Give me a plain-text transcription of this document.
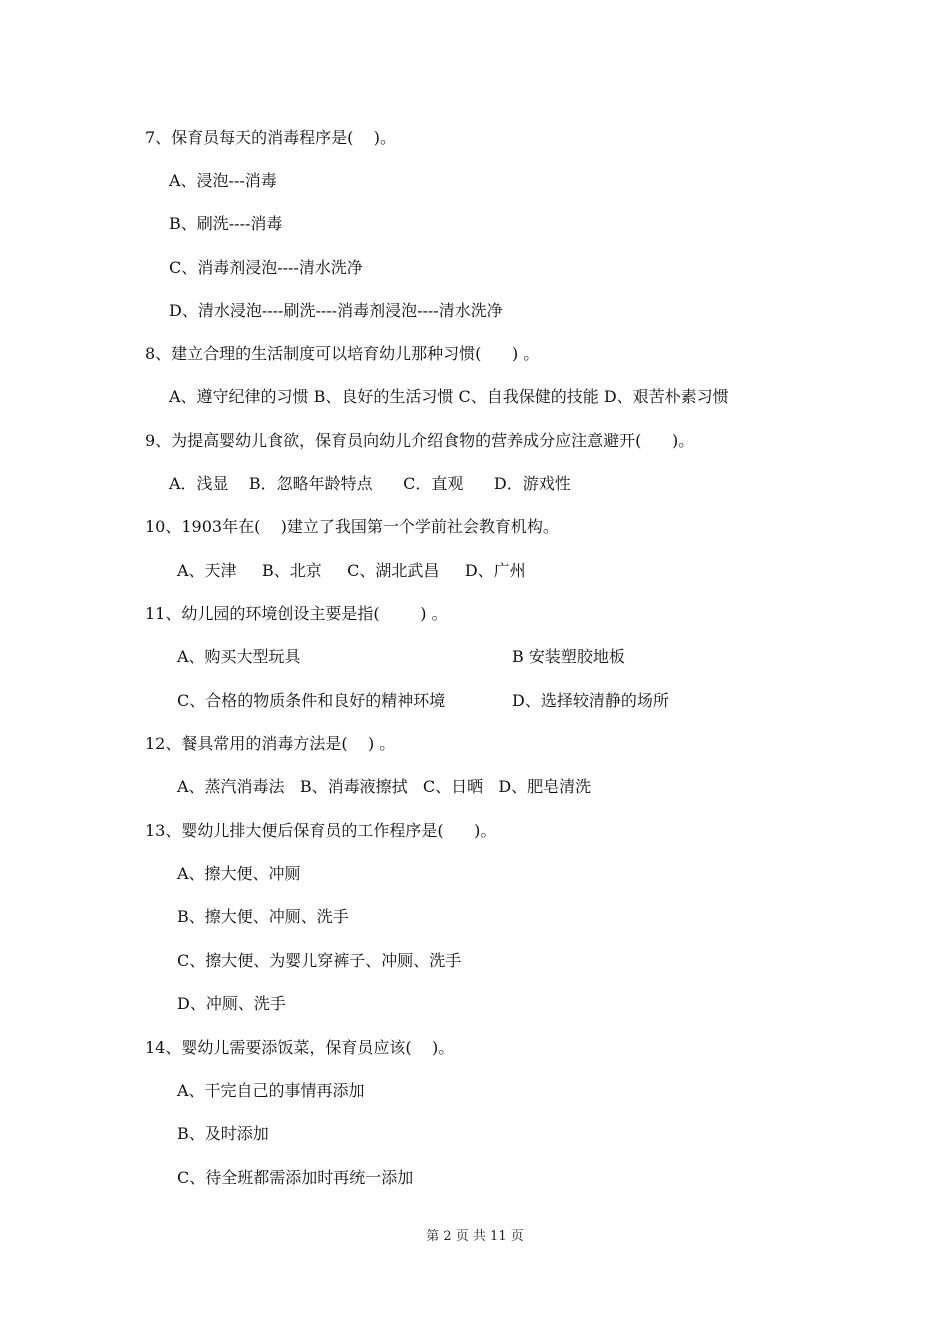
7、保育员每天的消毒程序是(    )。
A、浸泡---消毒
B、刷洗----消毒
C、消毒剂浸泡----清水洗净
D、清水浸泡----刷洗----消毒剂浸泡----清水洗净
8、建立合理的生活制度可以培育幼儿那种习惯(      ) 。
A、遵守纪律的习惯 B、良好的生活习惯 C、自我保健的技能 D、艰苦朴素习惯
9、为提高婴幼儿食欲，保育员向幼儿介绍食物的营养成分应注意避开(      )。
A．浅显    B．忽略年龄特点      C．直观      D．游戏性
10、1903年在(    )建立了我国第一个学前社会教育机构。
A、天津     B、北京     C、湖北武昌     D、广州
11、幼儿园的环境创设主要是指(        ) 。
A、购买大型玩具	B 安装塑胶地板
C、合格的物质条件和良好的精神环境	D、选择较清静的场所
12、餐具常用的消毒方法是(    ) 。
A、蒸汽消毒法   B、消毒液擦拭   C、日晒   D、肥皂清洗
13、婴幼儿排大便后保育员的工作程序是(      )。
A、擦大便、冲厕
B、擦大便、冲厕、洗手
C、擦大便、为婴儿穿裤子、冲厕、洗手
D、冲厕、洗手
14、婴幼儿需要添饭菜，保育员应该(    )。
A、干完自己的事情再添加
B、及时添加
C、待全班都需添加时再统一添加
第 2 页 共 11 页
